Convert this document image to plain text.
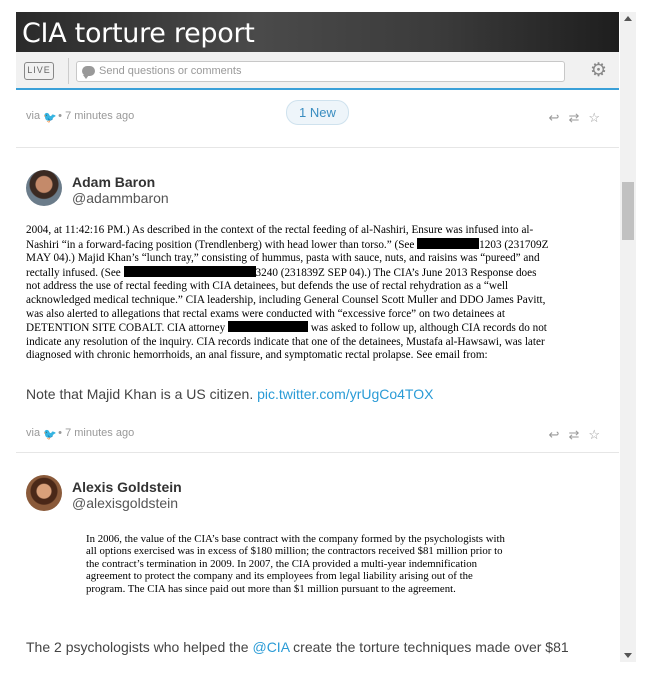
CIA torture report
LIVE	Send questions or comments	⚙
via 🐦 • 7 minutes ago	1 New	↩⇄☆
Adam Baron
@adammbaron
2004, at 11:42:16 PM.) As described in the context of the rectal feeding of al-Nashiri, Ensure was infused into al-
Nashiri “in a forward-facing position (Trendlenberg) with head lower than torso.” (See	1203 (231709Z
MAY 04).) Majid Khan’s “lunch tray,” consisting of hummus, pasta with sauce, nuts, and raisins was “pureed” and
rectally infused. (See	3240 (231839Z SEP 04).) The CIA’s June 2013 Response does
not address the use of rectal feeding with CIA detainees, but defends the use of rectal rehydration as a “well
acknowledged medical technique.” CIA leadership, including General Counsel Scott Muller and DDO James Pavitt,
was also alerted to allegations that rectal exams were conducted with “excessive force” on two detainees at
DETENTION SITE COBALT. CIA attorney	was asked to follow up, although CIA records do not
indicate any resolution of the inquiry. CIA records indicate that one of the detainees, Mustafa al-Hawsawi, was later
diagnosed with chronic hemorrhoids, an anal fissure, and symptomatic rectal prolapse. See email from:
Note that Majid Khan is a US citizen. pic.twitter.com/yrUgCo4TOX
via 🐦 • 7 minutes ago	↩⇄☆
Alexis Goldstein
@alexisgoldstein
In 2006, the value of the CIA’s base contract with the company formed by the psychologists with
all options exercised was in excess of $180 million; the contractors received $81 million prior to
the contract’s termination in 2009. In 2007, the CIA provided a multi-year indemnification
agreement to protect the company and its employees from legal liability arising out of the
program. The CIA has since paid out more than $1 million pursuant to the agreement.
The 2 psychologists who helped the @CIA create the torture techniques made over $81
